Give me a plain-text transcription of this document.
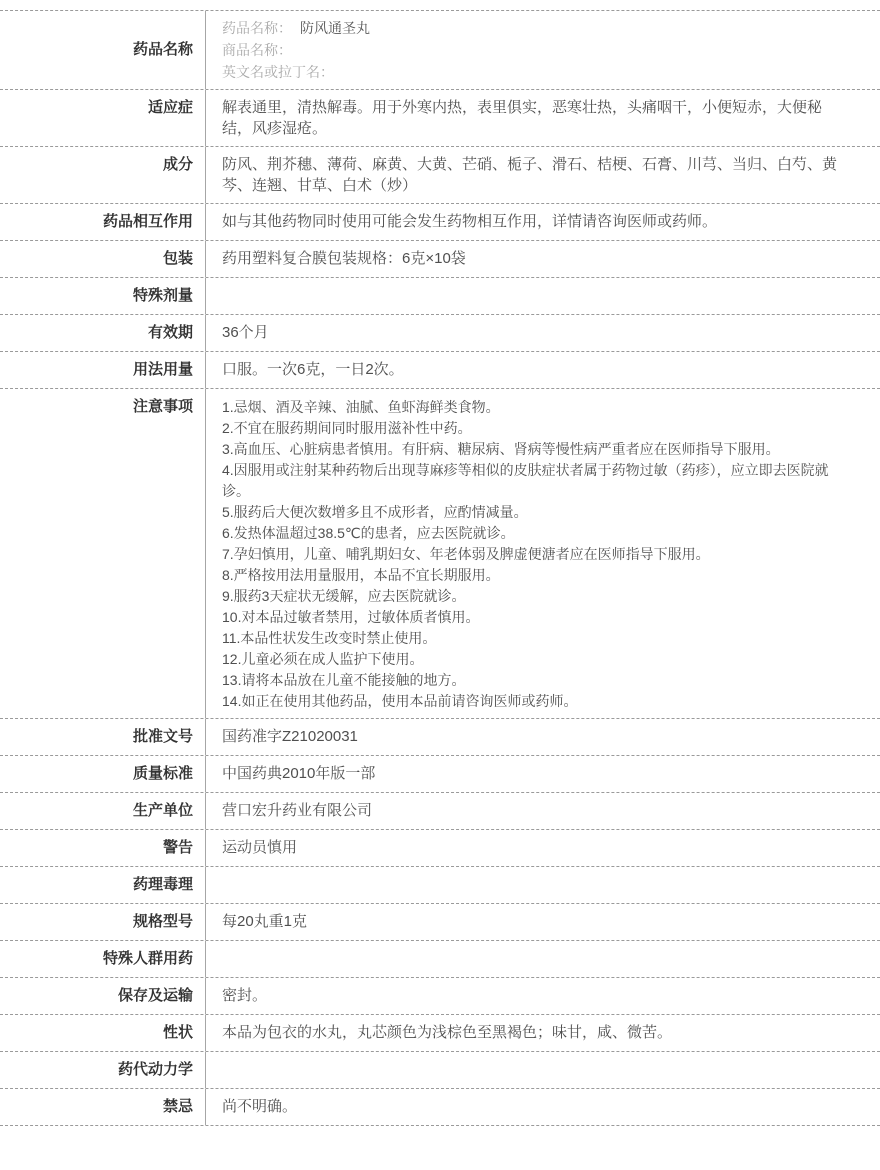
药品名称
药品名称： 防风通圣丸
商品名称：
英文名或拉丁名：
适应症	解表通里，清热解毒。用于外寒内热，表里俱实，恶寒壮热，头痛咽干，小便短赤，大便秘结，风疹湿疮。
成分	防风、荆芥穗、薄荷、麻黄、大黄、芒硝、栀子、滑石、桔梗、石膏、川芎、当归、白芍、黄芩、连翘、甘草、白术（炒）
药品相互作用	如与其他药物同时使用可能会发生药物相互作用，详情请咨询医师或药师。
包装	药用塑料复合膜包装规格：6克×10袋
特殊剂量
有效期	36个月
用法用量	口服。一次6克，一日2次。
注意事项	1.忌烟、酒及辛辣、油腻、鱼虾海鲜类食物。
2.不宜在服药期间同时服用滋补性中药。
3.高血压、心脏病患者慎用。有肝病、糖尿病、肾病等慢性病严重者应在医师指导下服用。
4.因服用或注射某种药物后出现荨麻疹等相似的皮肤症状者属于药物过敏（药疹），应立即去医院就诊。
5.服药后大便次数增多且不成形者，应酌情减量。
6.发热体温超过38.5℃的患者，应去医院就诊。
7.孕妇慎用，儿童、哺乳期妇女、年老体弱及脾虚便溏者应在医师指导下服用。
8.严格按用法用量服用，本品不宜长期服用。
9.服药3天症状无缓解，应去医院就诊。
10.对本品过敏者禁用，过敏体质者慎用。
11.本品性状发生改变时禁止使用。
12.儿童必须在成人监护下使用。
13.请将本品放在儿童不能接触的地方。
14.如正在使用其他药品，使用本品前请咨询医师或药师。
批准文号	国药准字Z21020031
质量标准	中国药典2010年版一部
生产单位	营口宏升药业有限公司
警告	运动员慎用
药理毒理
规格型号	每20丸重1克
特殊人群用药
保存及运输	密封。
性状	本品为包衣的水丸，丸芯颜色为浅棕色至黑褐色；味甘，咸、微苦。
药代动力学
禁忌	尚不明确。
